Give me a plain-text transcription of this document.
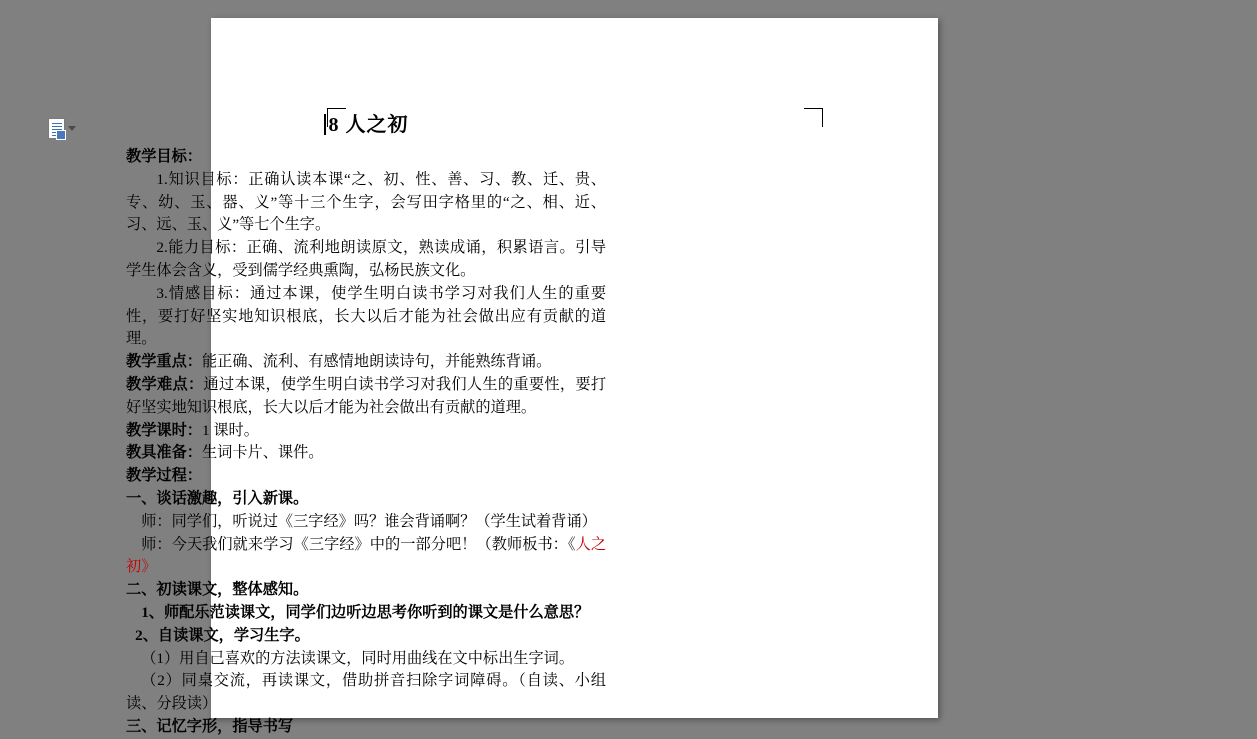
8 人之初

教学目标：

1.知识目标：正确认读本课“之、初、性、善、习、教、迁、贵、专、幼、玉、器、义”等十三个生字，会写田字格里的“之、相、近、习、远、玉、义”等七个生字。

2.能力目标：正确、流利地朗读原文，熟读成诵，积累语言。引导学生体会含义，受到儒学经典熏陶，弘杨民族文化。

3.情感目标：通过本课，使学生明白读书学习对我们人生的重要性，要打好坚实地知识根底，长大以后才能为社会做出应有贡献的道理。

教学重点：能正确、流利、有感情地朗读诗句，并能熟练背诵。

教学难点：通过本课，使学生明白读书学习对我们人生的重要性，要打好坚实地知识根底，长大以后才能为社会做出有贡献的道理。

教学课时：1 课时。

教具准备：生词卡片、课件。

教学过程：

一、谈话激趣，引入新课。

师：同学们，听说过《三字经》吗？谁会背诵啊？（学生试着背诵）

师：今天我们就来学习《三字经》中的一部分吧！（教师板书：《人之初》

二、初读课文，整体感知。

1、师配乐范读课文，同学们边听边思考你听到的课文是什么意思？

2、自读课文，学习生字。

（1）用自己喜欢的方法读课文，同时用曲线在文中标出生字词。

（2）同桌交流，再读课文，借助拼音扫除字词障碍。（自读、小组读、分段读）

三、记忆字形，指导书写
